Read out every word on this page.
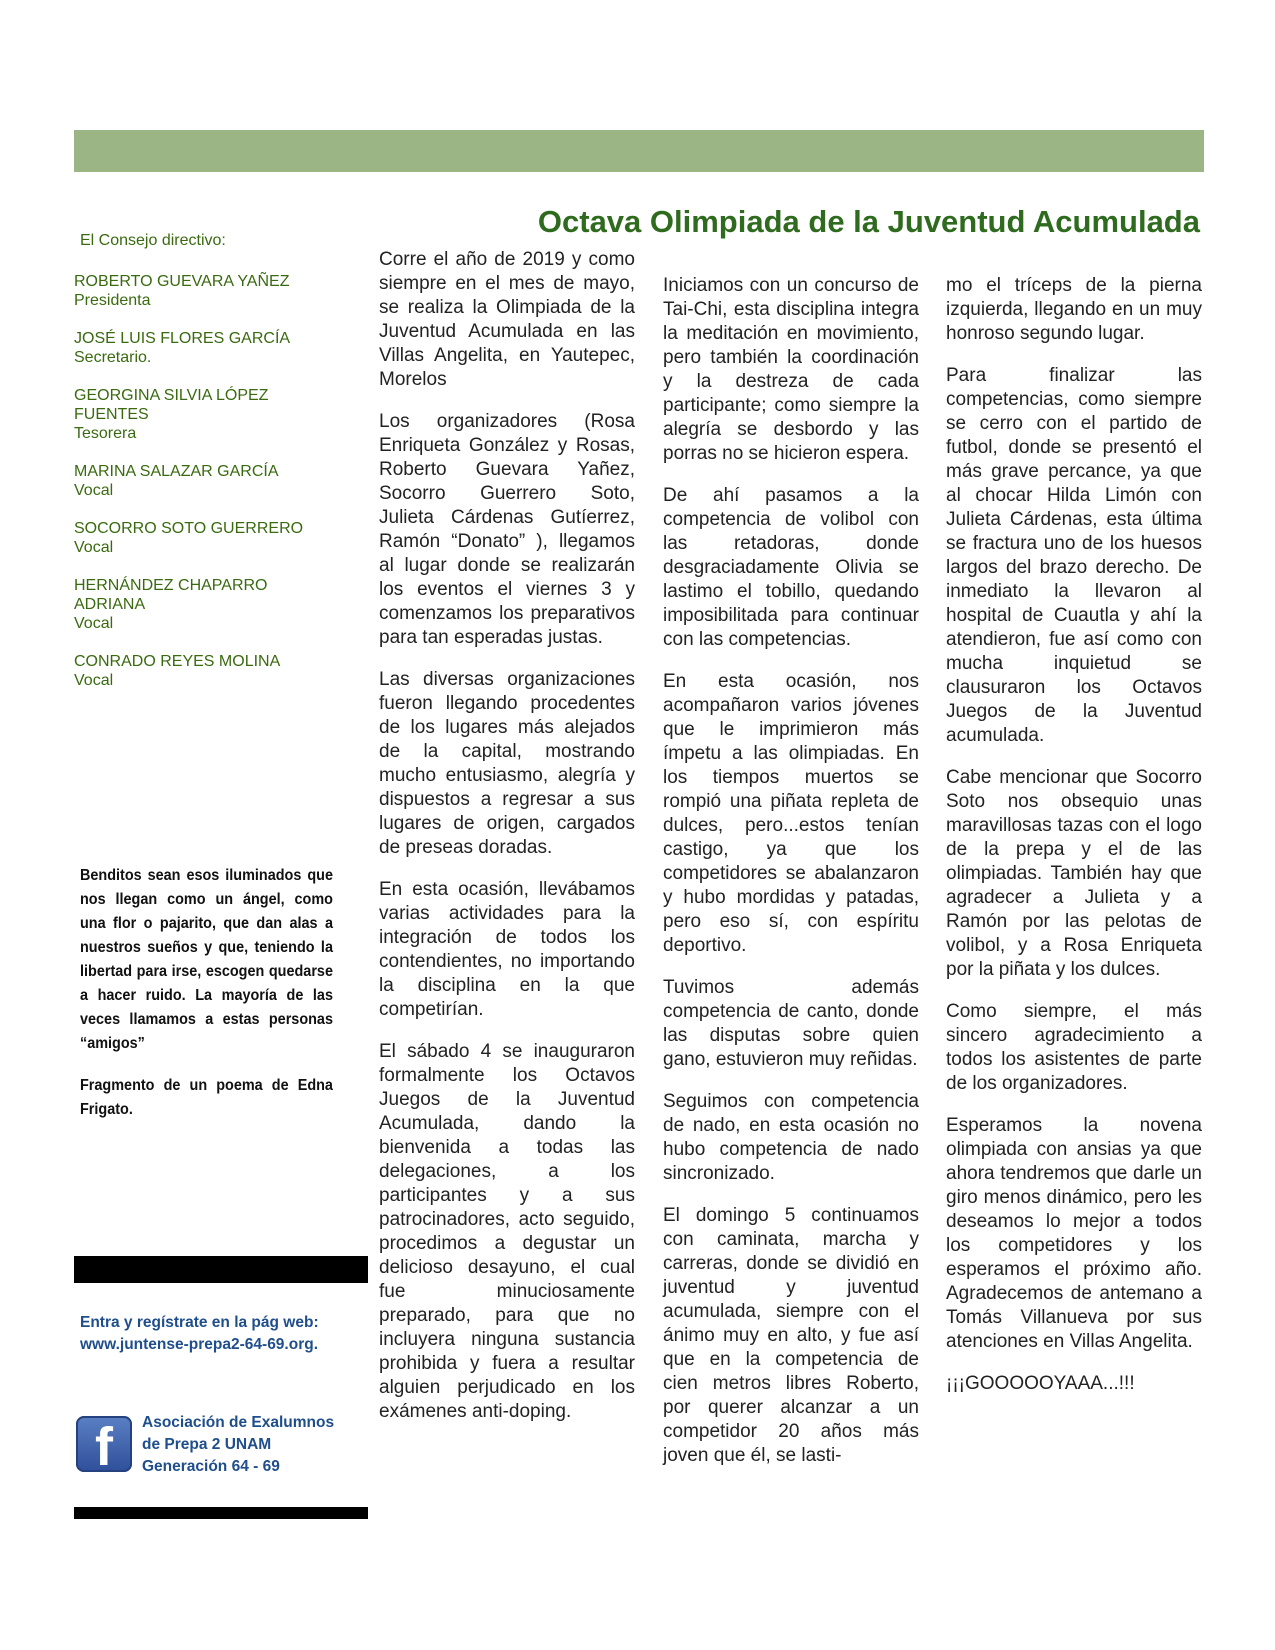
El Consejo directivo:
ROBERTO GUEVARA YAÑEZ
Presidenta
JOSÉ LUIS FLORES GARCÍA
Secretario.
GEORGINA SILVIA LÓPEZ FUENTES
Tesorera
MARINA SALAZAR GARCÍA
Vocal
SOCORRO SOTO GUERRERO
Vocal
HERNÁNDEZ CHAPARRO ADRIANA
Vocal
CONRADO REYES MOLINA
Vocal
Benditos sean esos iluminados que nos llegan como un ángel, como una flor o pajarito, que dan alas a nuestros sueños y que, teniendo la libertad para irse, escogen quedarse a hacer ruido. La mayoría de las veces llamamos a estas personas “amigos”
Fragmento de un poema de Edna Frigato.
Entra y regístrate en la pág web:
www.juntense-prepa2-64-69.org.
f Asociación de Exalumnos
de Prepa 2 UNAM
Generación 64 - 69
Octava Olimpiada de la Juventud Acumulada

Corre el año de 2019 y como siempre en el mes de mayo, se realiza la Olimpiada de la Juventud Acumulada en las Villas Angelita, en Yautepec, Morelos

Los organizadores (Rosa Enriqueta González y Rosas, Roberto Guevara Yañez, Socorro Guerrero Soto, Julieta Cárdenas Gutíerrez, Ramón “Donato” ), llegamos al lugar donde se realizarán los eventos el viernes 3 y comenzamos los preparativos para tan esperadas justas.

Las diversas organizaciones fueron llegando procedentes de los lugares más alejados de la capital, mostrando mucho entusiasmo, alegría y dispuestos a regresar a sus lugares de origen, cargados de preseas doradas.

En esta ocasión, llevábamos varias actividades para la integración de todos los contendientes, no importando la disciplina en la que competirían.

El sábado 4 se inauguraron formalmente los Octavos Juegos de la Juventud Acumulada, dando la bienvenida a todas las delegaciones, a los participantes y a sus patrocinadores, acto seguido, procedimos a degustar un delicioso desayuno, el cual fue minuciosamente preparado, para que no incluyera ninguna sustancia prohibida y fuera a resultar alguien perjudicado en los exámenes anti-doping.

Iniciamos con un concurso de Tai-Chi, esta disciplina integra la meditación en movimiento, pero también la coordinación y la destreza de cada participante; como siempre la alegría se desbordo y las porras no se hicieron espera.

De ahí pasamos a la competencia de volibol con las retadoras, donde desgraciadamente Olivia se lastimo el tobillo, quedando imposibilitada para continuar con las competencias.

En esta ocasión, nos acompañaron varios jóvenes que le imprimieron más ímpetu a las olimpiadas. En los tiempos muertos se rompió una piñata repleta de dulces, pero...estos tenían castigo, ya que los competidores se abalanzaron y hubo mordidas y patadas, pero eso sí, con espíritu deportivo.

Tuvimos además competencia de canto, donde las disputas sobre quien gano, estuvieron muy reñidas.

Seguimos con competencia de nado, en esta ocasión no hubo competencia de nado sincronizado.

El domingo 5 continuamos con caminata, marcha y carreras, donde se dividió en juventud y juventud acumulada, siempre con el ánimo muy en alto, y fue así que en la competencia de cien metros libres Roberto, por querer alcanzar a un competidor 20 años más joven que él, se lasti-

mo el tríceps de la pierna izquierda, llegando en un muy honroso segundo lugar.

Para finalizar las competencias, como siempre se cerro con el partido de futbol, donde se presentó el más grave percance, ya que al chocar Hilda Limón con Julieta Cárdenas, esta última se fractura uno de los huesos largos del brazo derecho. De inmediato la llevaron al hospital de Cuautla y ahí la atendieron, fue así como con mucha inquietud se clausuraron los Octavos Juegos de la Juventud acumulada.

Cabe mencionar que Socorro Soto nos obsequio unas maravillosas tazas con el logo de la prepa y el de las olimpiadas. También hay que agradecer a Julieta y a Ramón por las pelotas de volibol, y a Rosa Enriqueta por la piñata y los dulces.

Como siempre, el más sincero agradecimiento a todos los asistentes de parte de los organizadores.

Esperamos la novena olimpiada con ansias ya que ahora tendremos que darle un giro menos dinámico, pero les deseamos lo mejor a todos los competidores y los esperamos el próximo año. Agradecemos de antemano a Tomás Villanueva por sus atenciones en Villas Angelita.

¡¡¡GOOOOOYAAA...!!!
